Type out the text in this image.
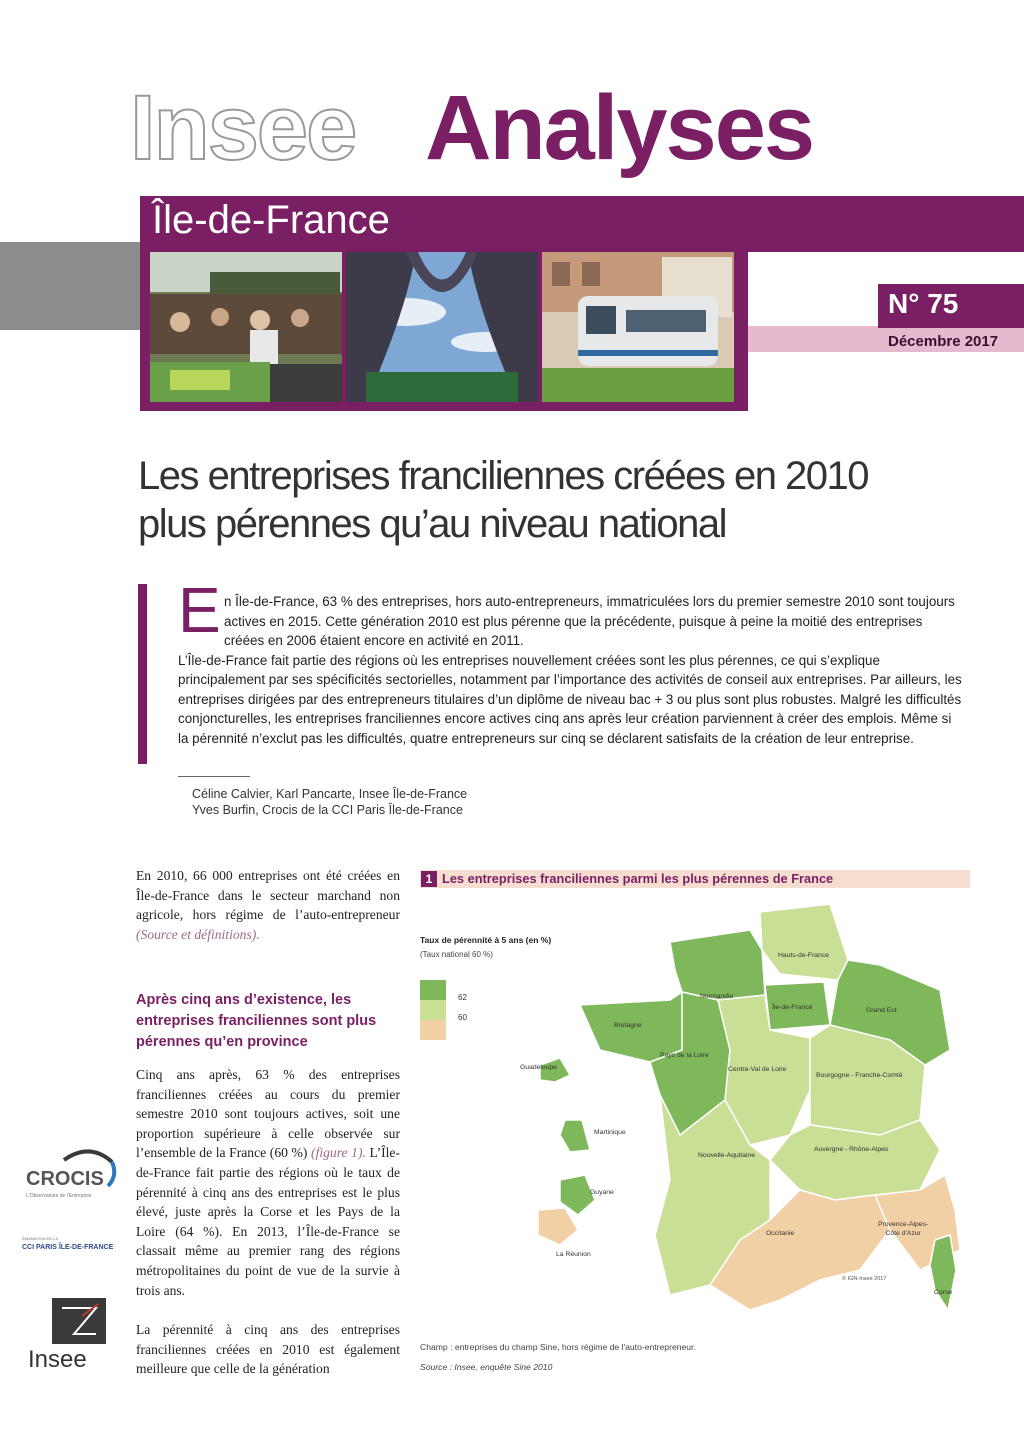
Insee Analyses
Île-de-France
N° 75
Décembre 2017
Les entreprises franciliennes créées en 2010
plus pérennes qu’au niveau national
E n Île-de-France, 63 % des entreprises, hors auto-entrepreneurs, immatriculées lors du premier semestre 2010 sont toujours actives en 2015. Cette génération 2010 est plus pérenne que la précédente, puisque à peine la moitié des entreprises créées en 2006 étaient encore en activité en 2011.
L’Île-de-France fait partie des régions où les entreprises nouvellement créées sont les plus pérennes, ce qui s’explique principalement par ses spécificités sectorielles, notamment par l’importance des activités de conseil aux entreprises. Par ailleurs, les entreprises dirigées par des entrepreneurs titulaires d’un diplôme de niveau bac + 3 ou plus sont plus robustes. Malgré les difficultés conjoncturelles, les entreprises franciliennes encore actives cinq ans après leur création parviennent à créer des emplois. Même si la pérennité n’exclut pas les difficultés, quatre entrepreneurs sur cinq se déclarent satisfaits de la création de leur entreprise.
Céline Calvier, Karl Pancarte, Insee Île-de-France
Yves Burfin, Crocis de la CCI Paris Île-de-France
En 2010, 66 000 entreprises ont été créées en Île-de-France dans le secteur marchand non agricole, hors régime de l’auto-entrepreneur (Source et définitions).
Après cinq ans d’existence, les entreprises franciliennes sont plus pérennes qu’en province
Cinq ans après, 63 % des entreprises franciliennes créées au cours du premier semestre 2010 sont toujours actives, soit une proportion supérieure à celle observée sur l’ensemble de la France (60 %) (figure 1). L’Île-de-France fait partie des régions où le taux de pérennité à cinq ans des entreprises est le plus élevé, juste après la Corse et les Pays de la Loire (64 %). En 2013, l’Île-de-France se classait même au premier rang des régions métropolitaines du point de vue de la survie à trois ans.
La pérennité à cinq ans des entreprises franciliennes créées en 2010 est également meilleure que celle de la génération
CROCIS
L'Observatoire de l'Entreprise
ÉMANATION DE LA
CCI PARIS ÎLE-DE-FRANCE
Insee
1 Les entreprises franciliennes parmi les plus pérennes de France
Taux de pérennité à 5 ans (en %)
(Taux national 60 %)
62
60
Hauts-de-France
Normandie
Île-de-France	Grand Est
Bretagne
Pays de la Loire
Centre-Val de Loire
Bourgogne - Franche-Comté
Nouvelle-Aquitaine
Auvergne - Rhône-Alpes
Occitanie
Provence-Alpes-
Côte d'Azur
Corse
Guadeloupe
Martinique
Guyane
La Réunion
© IGN-Insee 2017
Champ : entreprises du champ Sine, hors régime de l'auto-entrepreneur.
Source : Insee, enquête Sine 2010
